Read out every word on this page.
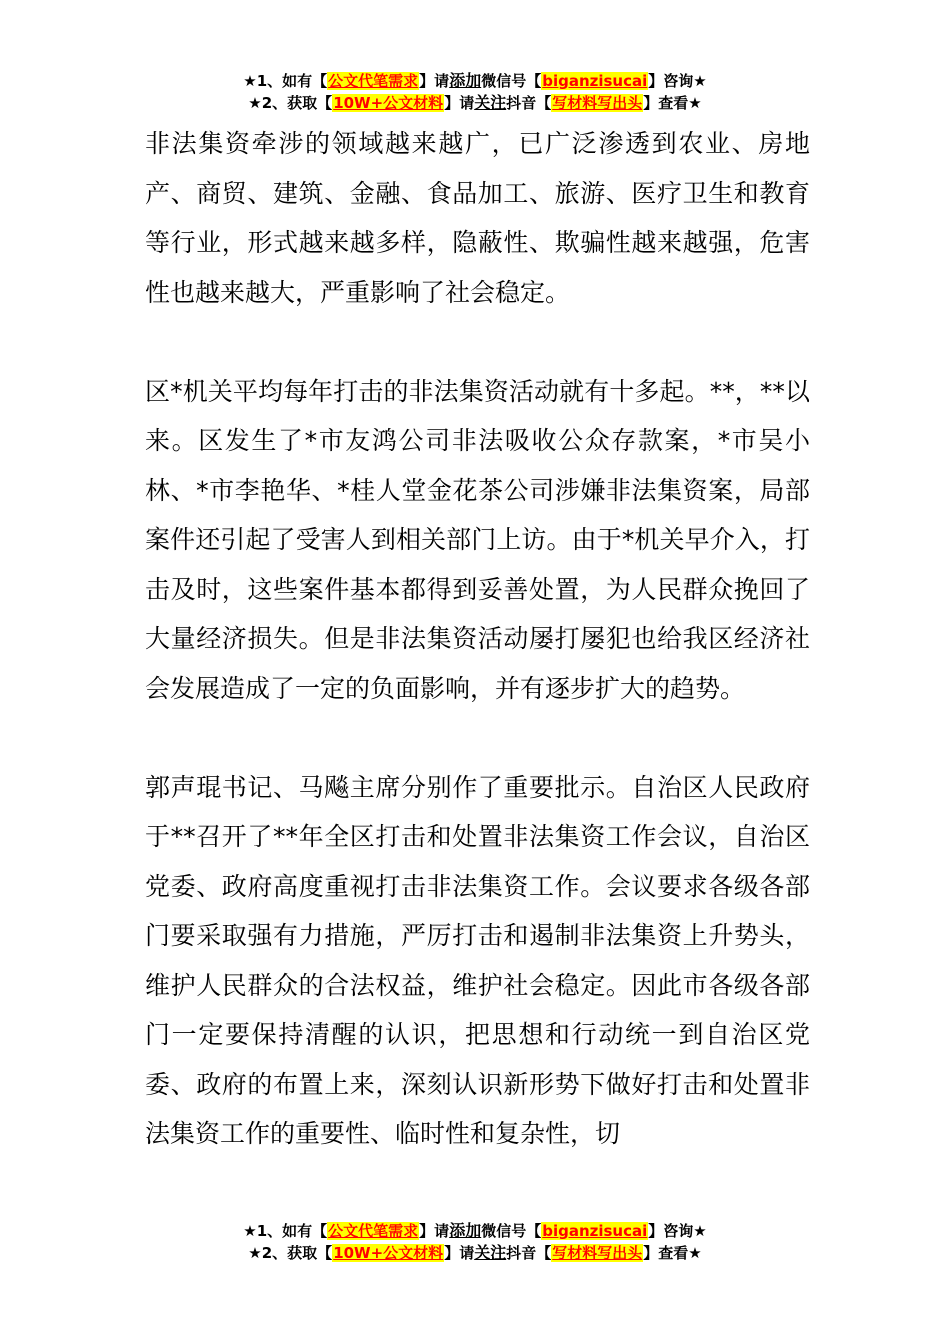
★1、如有【公文代笔需求】请添加微信号【biganzisucai】咨询★
★2、获取【10W+公文材料】请关注抖音【写材料写出头】查看★

非法集资牵涉的领域越来越广，已广泛渗透到农业、房地产、商贸、建筑、金融、食品加工、旅游、医疗卫生和教育等行业，形式越来越多样，隐蔽性、欺骗性越来越强，危害性也越来越大，严重影响了社会稳定。

区*机关平均每年打击的非法集资活动就有十多起。**，**以来。区发生了*市友鸿公司非法吸收公众存款案，*市吴小林、*市李艳华、*桂人堂金花茶公司涉嫌非法集资案，局部案件还引起了受害人到相关部门上访。由于*机关早介入，打击及时，这些案件基本都得到妥善处置，为人民群众挽回了大量经济损失。但是非法集资活动屡打屡犯也给我区经济社会发展造成了一定的负面影响，并有逐步扩大的趋势。

郭声琨书记、马飚主席分别作了重要批示。自治区人民政府于**召开了**年全区打击和处置非法集资工作会议，自治区党委、政府高度重视打击非法集资工作。会议要求各级各部门要采取强有力措施，严厉打击和遏制非法集资上升势头，维护人民群众的合法权益，维护社会稳定。因此市各级各部门一定要保持清醒的认识，把思想和行动统一到自治区党委、政府的布置上来，深刻认识新形势下做好打击和处置非法集资工作的重要性、临时性和复杂性，切

★1、如有【公文代笔需求】请添加微信号【biganzisucai】咨询★
★2、获取【10W+公文材料】请关注抖音【写材料写出头】查看★
